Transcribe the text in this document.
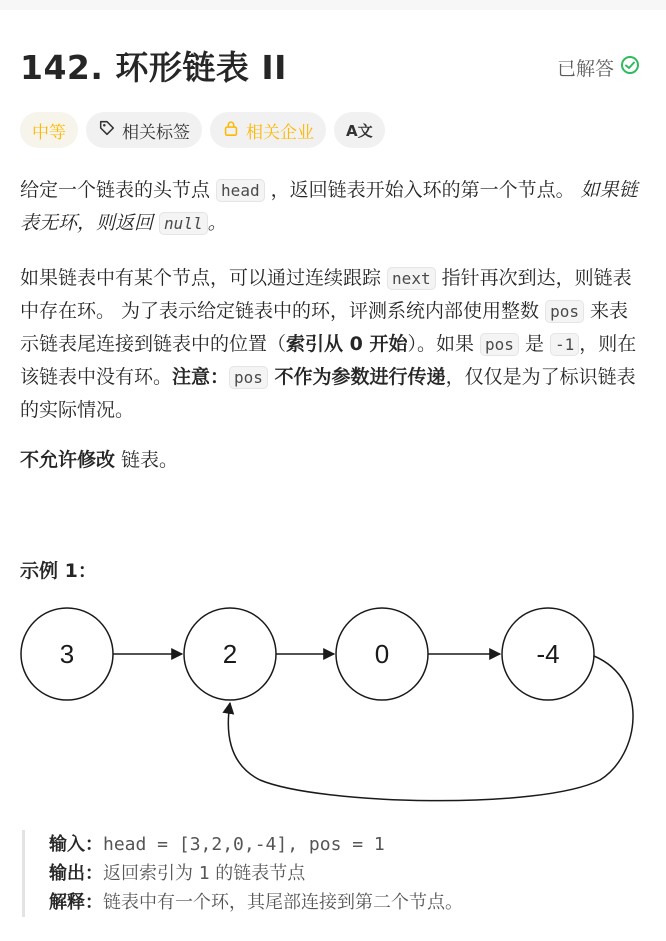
142. 环形链表 II	已解答
中等	相关标签	相关企业 A文
给定一个链表的头节点 head ，返回链表开始入环的第一个节点。 如果链表无环，则返回 null 。
如果链表中有某个节点，可以通过连续跟踪 next 指针再次到达，则链表中存在环。 为了表示给定链表中的环，评测系统内部使用整数 pos 来表示链表尾连接到链表中的位置（索引从 0 开始）。如果 pos 是 -1 ，则在该链表中没有环。注意： pos 不作为参数进行传递，仅仅是为了标识链表的实际情况。
不允许修改 链表。
示例 1：
3	2	0	-4
输入：head = [3,2,0,-4], pos = 1
输出：返回索引为 1 的链表节点
解释：链表中有一个环，其尾部连接到第二个节点。
